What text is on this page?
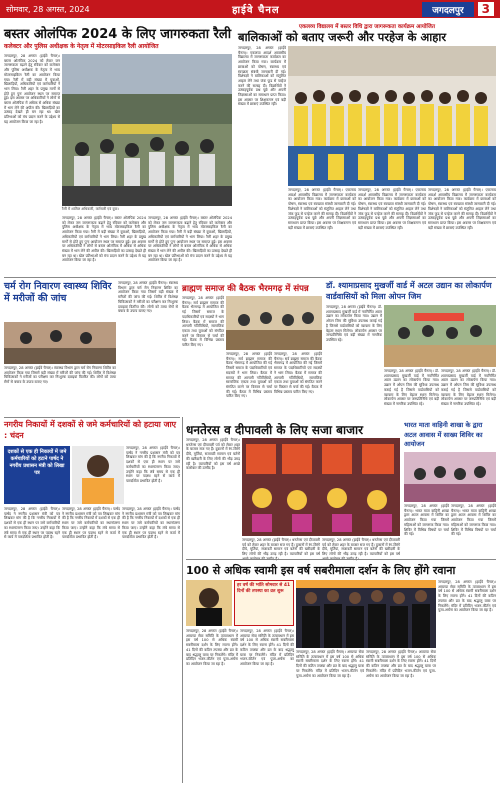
सोमवार, 28 अगस्त, 2024	हाईवे चैनल	जगदलपुर	3
बस्तर ओलंपिक 2024 के लिए जागरुकता रैली
कलेक्टर और पुलिस अधीक्षक के नेतृत्व में मोटरसाइकिल रैली आयोजित
जगदलपुर, 28 अगस्त (हाईवे चैनल)। बस्तर ओलंपिक 2024 को लेकर जन जागरूकता बढ़ाने हेतु रविवार को कलेक्टर और पुलिस अधीक्षक के नेतृत्व में भव्य मोटरसाइकिल रैली का आयोजन किया गया। रैली में बड़ी संख्या में युवाओं, खिलाड़ियों, अधिकारियों एवं कर्मचारियों ने भाग लिया। रैली शहर के प्रमुख मार्गों से होते हुए पुनः आयोजन स्थल पर समाप्त हुई। इस अवसर पर अधिकारियों ने लोगों से बस्तर ओलंपिक में अधिक से अधिक संख्या में भाग लेने की अपील की। खिलाड़ियों का उत्साह देखते ही बन रहा था। खेल प्रतिभाओं को मंच प्रदान करने के उद्देश्य से यह आयोजन किया जा रहा है।
रैली में शामिल अधिकारी, कर्मचारी एवं युवा।
जगदलपुर, 28 अगस्त (हाईवे चैनल)। बस्तर ओलंपिक 2024 को लेकर जन जागरूकता बढ़ाने हेतु रविवार को कलेक्टर और पुलिस अधीक्षक के नेतृत्व में भव्य मोटरसाइकिल रैली का आयोजन किया गया। रैली में बड़ी संख्या में युवाओं, खिलाड़ियों, अधिकारियों एवं कर्मचारियों ने भाग लिया। रैली शहर के प्रमुख मार्गों से होते हुए पुनः आयोजन स्थल पर समाप्त हुई। इस अवसर पर अधिकारियों ने लोगों से बस्तर ओलंपिक में अधिक से अधिक संख्या में भाग लेने की अपील की। खिलाड़ियों का उत्साह देखते ही बन रहा था। खेल प्रतिभाओं को मंच प्रदान करने के उद्देश्य से यह आयोजन किया जा रहा है।
जगदलपुर, 28 अगस्त (हाईवे चैनल)। बस्तर ओलंपिक 2024 को लेकर जन जागरूकता बढ़ाने हेतु रविवार को कलेक्टर और पुलिस अधीक्षक के नेतृत्व में भव्य मोटरसाइकिल रैली का आयोजन किया गया। रैली में बड़ी संख्या में युवाओं, खिलाड़ियों, अधिकारियों एवं कर्मचारियों ने भाग लिया। रैली शहर के प्रमुख मार्गों से होते हुए पुनः आयोजन स्थल पर समाप्त हुई। इस अवसर पर अधिकारियों ने लोगों से बस्तर ओलंपिक में अधिक से अधिक संख्या में भाग लेने की अपील की। खिलाड़ियों का उत्साह देखते ही बन रहा था। खेल प्रतिभाओं को मंच प्रदान करने के उद्देश्य से यह आयोजन किया जा रहा है।
एकलव्य विद्यालय में बस्तर विधि द्वारा जागरूकता कार्यक्रम आयोजित
बालिकाओं को बताए जरूरी और परहेज के आहार
जगदलपुर, 28 अगस्त (हाईवे चैनल)। एकलव्य आदर्श आवासीय विद्यालय में जागरूकता कार्यक्रम का आयोजन किया गया। कार्यक्रम में छात्राओं को पोषण, स्वास्थ्य एवं स्वच्छता संबंधी जानकारी दी गई। विशेषज्ञों ने बालिकाओं को संतुलित आहार लेने तथा जंक फूड से परहेज करने की सलाह दी। विद्यार्थियों ने उत्साहपूर्वक प्रश्न पूछे और अपनी जिज्ञासाओं का समाधान प्राप्त किया। इस अवसर पर शिक्षकगण एवं बड़ी संख्या में छात्राएं उपस्थित रहीं।
जगदलपुर, 28 अगस्त (हाईवे चैनल)। एकलव्य आदर्श आवासीय विद्यालय में जागरूकता कार्यक्रम का आयोजन किया गया। कार्यक्रम में छात्राओं को पोषण, स्वास्थ्य एवं स्वच्छता संबंधी जानकारी दी गई। विशेषज्ञों ने बालिकाओं को संतुलित आहार लेने तथा जंक फूड से परहेज करने की सलाह दी। विद्यार्थियों ने उत्साहपूर्वक प्रश्न पूछे और अपनी जिज्ञासाओं का समाधान प्राप्त किया। इस अवसर पर शिक्षकगण एवं बड़ी संख्या में छात्राएं उपस्थित रहीं।
जगदलपुर, 28 अगस्त (हाईवे चैनल)। एकलव्य आदर्श आवासीय विद्यालय में जागरूकता कार्यक्रम का आयोजन किया गया। कार्यक्रम में छात्राओं को पोषण, स्वास्थ्य एवं स्वच्छता संबंधी जानकारी दी गई। विशेषज्ञों ने बालिकाओं को संतुलित आहार लेने तथा जंक फूड से परहेज करने की सलाह दी। विद्यार्थियों ने उत्साहपूर्वक प्रश्न पूछे और अपनी जिज्ञासाओं का समाधान प्राप्त किया। इस अवसर पर शिक्षकगण एवं बड़ी संख्या में छात्राएं उपस्थित रहीं।
जगदलपुर, 28 अगस्त (हाईवे चैनल)। एकलव्य आदर्श आवासीय विद्यालय में जागरूकता कार्यक्रम का आयोजन किया गया। कार्यक्रम में छात्राओं को पोषण, स्वास्थ्य एवं स्वच्छता संबंधी जानकारी दी गई। विशेषज्ञों ने बालिकाओं को संतुलित आहार लेने तथा जंक फूड से परहेज करने की सलाह दी। विद्यार्थियों ने उत्साहपूर्वक प्रश्न पूछे और अपनी जिज्ञासाओं का समाधान प्राप्त किया। इस अवसर पर शिक्षकगण एवं बड़ी संख्या में छात्राएं उपस्थित रहीं।
चर्म रोग निवारण स्वास्थ्य शिविर में मरीजों की जांच
जगदलपुर, 28 अगस्त (हाईवे चैनल)। स्वास्थ्य विभाग द्वारा चर्म रोग निवारण शिविर का आयोजन किया गया जिसमें बड़ी संख्या में मरीजों की जांच की गई। शिविर में विशेषज्ञ चिकित्सकों ने मरीजों का परीक्षण कर निःशुल्क दवाइयां वितरित कीं। लोगों को त्वचा रोगों से बचाव के उपाय बताए गए।
जगदलपुर, 28 अगस्त (हाईवे चैनल)। स्वास्थ्य विभाग द्वारा चर्म रोग निवारण शिविर का आयोजन किया गया जिसमें बड़ी संख्या में मरीजों की जांच की गई। शिविर में विशेषज्ञ चिकित्सकों ने मरीजों का परीक्षण कर निःशुल्क दवाइयां वितरित कीं। लोगों को त्वचा रोगों से बचाव के उपाय बताए गए।
ब्राह्मण समाज की बैठक भैरमगढ़ में संपन्न
जगदलपुर, 28 अगस्त (हाईवे चैनल)। सर्व ब्राह्मण समाज की बैठक भैरमगढ़ में आयोजित की गई जिसमें समाज के पदाधिकारियों एवं सदस्यों ने भाग लिया। बैठक में समाज की आगामी गतिविधियों, सामाजिक एकता तथा युवाओं को संगठित करने पर विस्तार से चर्चा की गई। बैठक में विभिन्न प्रस्ताव पारित किए गए।
जगदलपुर, 28 अगस्त (हाईवे चैनल)। सर्व ब्राह्मण समाज की बैठक भैरमगढ़ में आयोजित की गई जिसमें समाज के पदाधिकारियों एवं सदस्यों ने भाग लिया। बैठक में समाज की आगामी गतिविधियों, सामाजिक एकता तथा युवाओं को संगठित करने पर विस्तार से चर्चा की गई। बैठक में विभिन्न प्रस्ताव पारित किए गए।
जगदलपुर, 28 अगस्त (हाईवे चैनल)। सर्व ब्राह्मण समाज की बैठक भैरमगढ़ में आयोजित की गई जिसमें समाज के पदाधिकारियों एवं सदस्यों ने भाग लिया। बैठक में समाज की आगामी गतिविधियों, सामाजिक एकता तथा युवाओं को संगठित करने पर विस्तार से चर्चा की गई। बैठक में विभिन्न प्रस्ताव पारित किए गए।
डॉ. श्यामाप्रसाद मुखर्जी वार्ड में अटल उद्यान का लोकार्पण वार्डवासियों को मिला ओपन जिम
जगदलपुर, 28 अगस्त (हाईवे चैनल)। डॉ. श्यामाप्रसाद मुखर्जी वार्ड में नवनिर्मित अटल उद्यान का लोकार्पण किया गया। उद्यान में ओपन जिम की सुविधा उपलब्ध कराई गई है जिससे वार्डवासियों को व्यायाम के लिए बेहतर स्थान मिलेगा। लोकार्पण अवसर पर जनप्रतिनिधि एवं बड़ी संख्या में नागरिक उपस्थित रहे।
जगदलपुर, 28 अगस्त (हाईवे चैनल)। डॉ. श्यामाप्रसाद मुखर्जी वार्ड में नवनिर्मित अटल उद्यान का लोकार्पण किया गया। उद्यान में ओपन जिम की सुविधा उपलब्ध कराई गई है जिससे वार्डवासियों को व्यायाम के लिए बेहतर स्थान मिलेगा। लोकार्पण अवसर पर जनप्रतिनिधि एवं बड़ी संख्या में नागरिक उपस्थित रहे।
जगदलपुर, 28 अगस्त (हाईवे चैनल)। डॉ. श्यामाप्रसाद मुखर्जी वार्ड में नवनिर्मित अटल उद्यान का लोकार्पण किया गया। उद्यान में ओपन जिम की सुविधा उपलब्ध कराई गई है जिससे वार्डवासियों को व्यायाम के लिए बेहतर स्थान मिलेगा। लोकार्पण अवसर पर जनप्रतिनिधि एवं बड़ी संख्या में नागरिक उपस्थित रहे।
नगरीय निकायों में दशकों से जमे कर्मचारियों को हटाया जाए : चंदन
दशकों से एक ही निकायों में जमे कर्मचारियों को हटाने पार्षद ने नगरीय प्रशासन मंत्री को लिखा पत्र
जगदलपुर, 28 अगस्त (हाईवे चैनल)। पार्षद ने नगरीय प्रशासन मंत्री को पत्र लिखकर मांग की है कि नगरीय निकायों में दशकों से एक ही स्थान पर जमे कर्मचारियों का स्थानांतरण किया जाए। उन्होंने कहा कि लंबे समय से एक ही स्थान पर पदस्थ रहने से कार्य में पारदर्शिता प्रभावित होती है।
जगदलपुर, 28 अगस्त (हाईवे चैनल)। पार्षद ने नगरीय प्रशासन मंत्री को पत्र लिखकर मांग की है कि नगरीय निकायों में दशकों से एक ही स्थान पर जमे कर्मचारियों का स्थानांतरण किया जाए। उन्होंने कहा कि लंबे समय से एक ही स्थान पर पदस्थ रहने से कार्य में पारदर्शिता प्रभावित होती है।
जगदलपुर, 28 अगस्त (हाईवे चैनल)। पार्षद ने नगरीय प्रशासन मंत्री को पत्र लिखकर मांग की है कि नगरीय निकायों में दशकों से एक ही स्थान पर जमे कर्मचारियों का स्थानांतरण किया जाए। उन्होंने कहा कि लंबे समय से एक ही स्थान पर पदस्थ रहने से कार्य में पारदर्शिता प्रभावित होती है।
जगदलपुर, 28 अगस्त (हाईवे चैनल)। पार्षद ने नगरीय प्रशासन मंत्री को पत्र लिखकर मांग की है कि नगरीय निकायों में दशकों से एक ही स्थान पर जमे कर्मचारियों का स्थानांतरण किया जाए। उन्होंने कहा कि लंबे समय से एक ही स्थान पर पदस्थ रहने से कार्य में पारदर्शिता प्रभावित होती है।
धनतेरस व दीपावली के लिए सजा बाजार
जगदलपुर, 28 अगस्त (हाईवे चैनल)। धनतेरस एवं दीपावली पर्व को लेकर शहर के बाजार सज गए हैं। दुकानों में रंग-बिरंगे दीये, मूर्तियां, सजावटी सामान एवं बर्तनों की खरीदारी के लिए लोगों की भीड़ उमड़ रही है। व्यापारियों को इस वर्ष अच्छे कारोबार की उम्मीद है।
जगदलपुर, 28 अगस्त (हाईवे चैनल)। धनतेरस एवं दीपावली पर्व को लेकर शहर के बाजार सज गए हैं। दुकानों में रंग-बिरंगे दीये, मूर्तियां, सजावटी सामान एवं बर्तनों की खरीदारी के लिए लोगों की भीड़ उमड़ रही है। व्यापारियों को इस वर्ष
जगदलपुर, 28 अगस्त (हाईवे चैनल)। धनतेरस एवं दीपावली पर्व को लेकर शहर के बाजार सज गए हैं। दुकानों में रंग-बिरंगे दीये, मूर्तियां, सजावटी सामान एवं बर्तनों की खरीदारी के लिए लोगों की भीड़ उमड़ रही है। व्यापारियों को इस वर्ष
भारत माता वाहिनी शाखा के द्वारा अटल आवास में साख्य शिविर का आयोजन
जगदलपुर, 28 अगस्त (हाईवे चैनल)। भारत माता वाहिनी शाखा द्वारा अटल आवास में शिविर का आयोजन किया गया जिसमें महिलाओं को जागरूक किया गया। शिविर में विभिन्न विषयों पर चर्चा की गई।
जगदलपुर, 28 अगस्त (हाईवे चैनल)। भारत माता वाहिनी शाखा द्वारा अटल आवास में शिविर का आयोजन किया गया जिसमें महिलाओं को जागरूक किया गया। शिविर में विभिन्न विषयों पर चर्चा की गई।
100 से अधिक स्वामी इस वर्ष सबरीमाला दर्शन के लिए होंगे रवाना
हर वर्ष की भांति सोमवार से 41 दिनों की तपस्या का व्रत शुरू
जगदलपुर, 28 अगस्त (हाईवे चैनल)। अय्यप्पा सेवा समिति के तत्वावधान में इस वर्ष 100 से अधिक स्वामी सबरीमाला दर्शन के लिए रवाना होंगे। 41 दिनों की कठिन तपस्या और व्रत के बाद श्रद्धालु यात्रा पर निकलेंगे। मंदिर में प्रतिदिन भजन-कीर्तन एवं पूजा-अर्चना का आयोजन किया जा रहा है।
जगदलपुर, 28 अगस्त (हाईवे चैनल)। अय्यप्पा सेवा समिति के तत्वावधान में इस वर्ष 100 से अधिक स्वामी सबरीमाला दर्शन के लिए रवाना होंगे। 41 दिनों की कठिन तपस्या और व्रत के बाद श्रद्धालु यात्रा पर निकलेंगे। मंदिर में प्रतिदिन भजन-कीर्तन एवं पूजा-अर्चना का आयोजन किया जा रहा है।
जगदलपुर, 28 अगस्त (हाईवे चैनल)। अय्यप्पा सेवा समिति के तत्वावधान में इस वर्ष 100 से अधिक स्वामी सबरीमाला दर्शन के लिए रवाना होंगे। 41 दिनों की कठिन तपस्या और व्रत के बाद श्रद्धालु यात्रा पर निकलेंगे। मंदिर में प्रतिदिन भजन-कीर्तन एवं पूजा-अर्चना का आयोजन किया जा रहा है।
जगदलपुर, 28 अगस्त (हाईवे चैनल)। अय्यप्पा सेवा समिति के तत्वावधान में इस वर्ष 100 से अधिक स्वामी सबरीमाला दर्शन के लिए रवाना होंगे। 41 दिनों की कठिन तपस्या और व्रत के बाद श्रद्धालु यात्रा पर निकलेंगे। मंदिर में प्रतिदिन भजन-कीर्तन एवं पूजा-अर्चना का आयोजन किया जा रहा है।
जगदलपुर, 28 अगस्त (हाईवे चैनल)। अय्यप्पा सेवा समिति के तत्वावधान में इस वर्ष 100 से अधिक स्वामी सबरीमाला दर्शन के लिए रवाना होंगे। 41 दिनों की कठिन तपस्या और व्रत के बाद श्रद्धालु यात्रा पर निकलेंगे। मंदिर में प्रतिदिन भजन-कीर्तन एवं पूजा-अर्चना का आयोजन किया जा रहा है।
